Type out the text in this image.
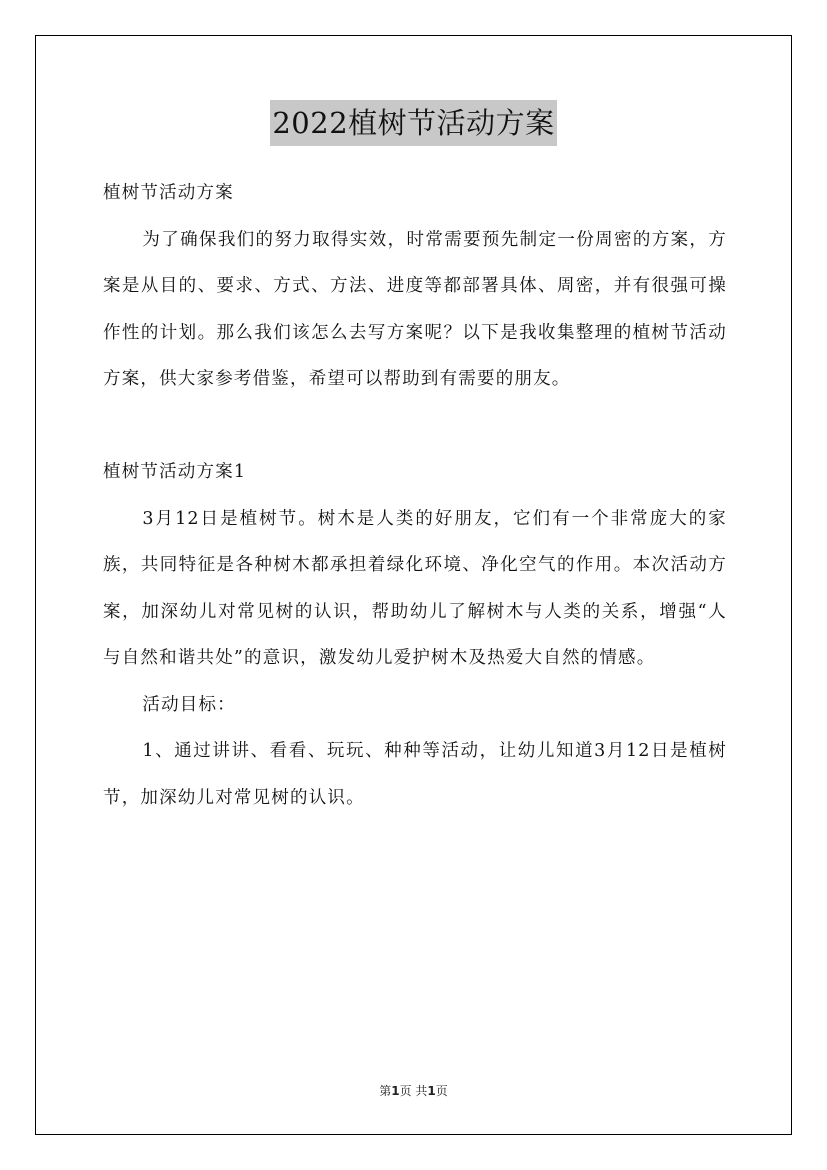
2022植树节活动方案

植树节活动方案

为了确保我们的努力取得实效，时常需要预先制定一份周密的方案，方案是从目的、要求、方式、方法、进度等都部署具体、周密，并有很强可操作性的计划。那么我们该怎么去写方案呢？以下是我收集整理的植树节活动方案，供大家参考借鉴，希望可以帮助到有需要的朋友。

植树节活动方案1

3月12日是植树节。树木是人类的好朋友，它们有一个非常庞大的家族，共同特征是各种树木都承担着绿化环境、净化空气的作用。本次活动方案，加深幼儿对常见树的认识，帮助幼儿了解树木与人类的关系，增强“人与自然和谐共处”的意识，激发幼儿爱护树木及热爱大自然的情感。

活动目标：

1、通过讲讲、看看、玩玩、种种等活动，让幼儿知道3月12日是植树节，加深幼儿对常见树的认识。

第1页 共1页
